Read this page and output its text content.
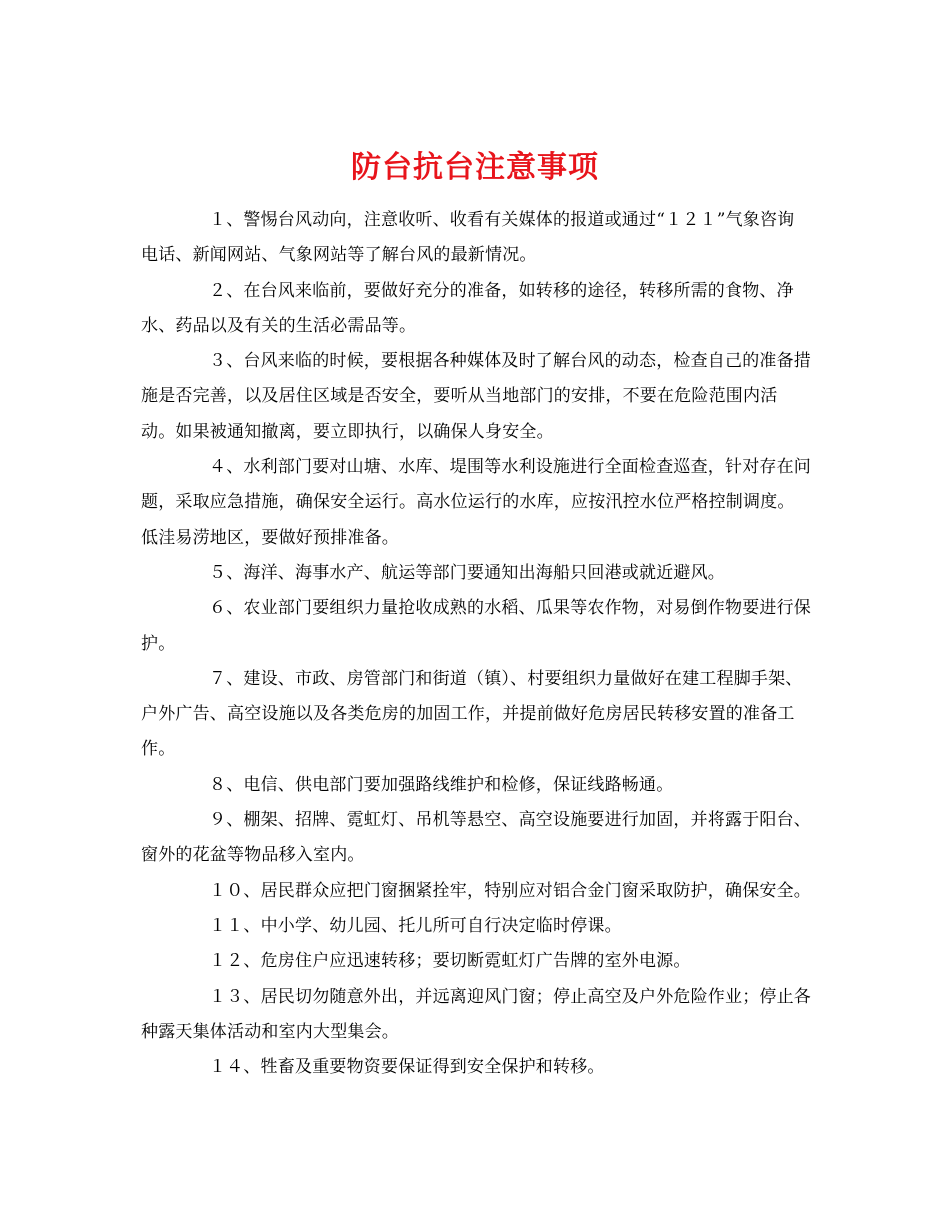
防台抗台注意事项

１、警惕台风动向，注意收听、收看有关媒体的报道或通过“１２１”气象咨询电话、新闻网站、气象网站等了解台风的最新情况。

２、在台风来临前，要做好充分的准备，如转移的途径，转移所需的食物、净水、药品以及有关的生活必需品等。

３、台风来临的时候，要根据各种媒体及时了解台风的动态，检查自己的准备措施是否完善，以及居住区域是否安全，要听从当地部门的安排，不要在危险范围内活动。如果被通知撤离，要立即执行，以确保人身安全。

４、水利部门要对山塘、水库、堤围等水利设施进行全面检查巡查，针对存在问题，采取应急措施，确保安全运行。高水位运行的水库，应按汛控水位严格控制调度。低洼易涝地区，要做好预排准备。

５、海洋、海事水产、航运等部门要通知出海船只回港或就近避风。

６、农业部门要组织力量抢收成熟的水稻、瓜果等农作物，对易倒作物要进行保护。

７、建设、市政、房管部门和街道（镇）、村要组织力量做好在建工程脚手架、户外广告、高空设施以及各类危房的加固工作，并提前做好危房居民转移安置的准备工作。

８、电信、供电部门要加强路线维护和检修，保证线路畅通。

９、棚架、招牌、霓虹灯、吊机等悬空、高空设施要进行加固，并将露于阳台、窗外的花盆等物品移入室内。

１０、居民群众应把门窗捆紧拴牢，特别应对铝合金门窗采取防护，确保安全。

１１、中小学、幼儿园、托儿所可自行决定临时停课。

１２、危房住户应迅速转移；要切断霓虹灯广告牌的室外电源。

１３、居民切勿随意外出，并远离迎风门窗；停止高空及户外危险作业；停止各种露天集体活动和室内大型集会。

１４、牲畜及重要物资要保证得到安全保护和转移。
